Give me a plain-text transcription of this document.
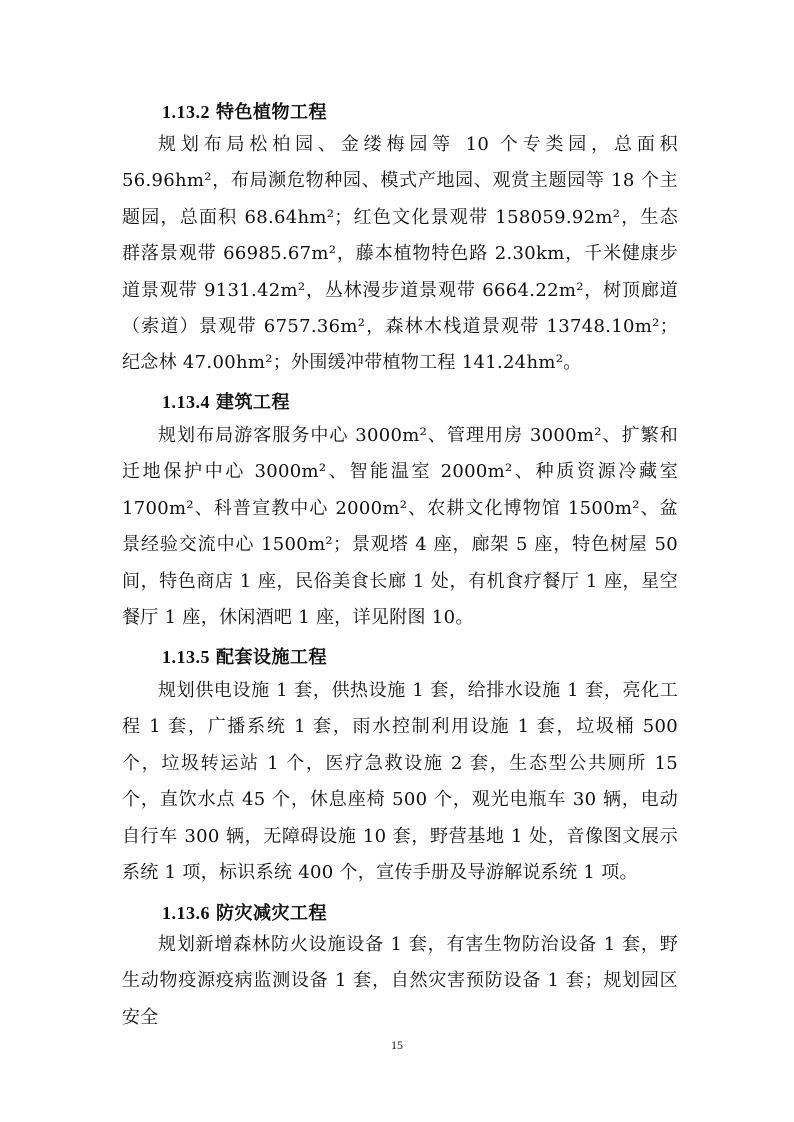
1.13.2 特色植物工程
规划布局松柏园、金缕梅园等 10 个专类园，总面积 56.96hm²，布局濒危物种园、模式产地园、观赏主题园等 18 个主题园，总面积 68.64hm²；红色文化景观带 158059.92m²，生态群落景观带 66985.67m²，藤本植物特色路 2.30km，千米健康步道景观带 9131.42m²，丛林漫步道景观带 6664.22m²，树顶廊道（索道）景观带 6757.36m²，森林木栈道景观带 13748.10m²；纪念林 47.00hm²；外围缓冲带植物工程 141.24hm²。
1.13.4 建筑工程
规划布局游客服务中心 3000m²、管理用房 3000m²、扩繁和迁地保护中心 3000m²、智能温室 2000m²、种质资源冷藏室 1700m²、科普宣教中心 2000m²、农耕文化博物馆 1500m²、盆景经验交流中心 1500m²；景观塔 4 座，廊架 5 座，特色树屋 50 间，特色商店 1 座，民俗美食长廊 1 处，有机食疗餐厅 1 座，星空餐厅 1 座，休闲酒吧 1 座，详见附图 10。
1.13.5 配套设施工程
规划供电设施 1 套，供热设施 1 套，给排水设施 1 套，亮化工程 1 套，广播系统 1 套，雨水控制利用设施 1 套，垃圾桶 500 个，垃圾转运站 1 个，医疗急救设施 2 套，生态型公共厕所 15 个，直饮水点 45 个，休息座椅 500 个，观光电瓶车 30 辆，电动自行车 300 辆，无障碍设施 10 套，野营基地 1 处，音像图文展示系统 1 项，标识系统 400 个，宣传手册及导游解说系统 1 项。
1.13.6 防灾减灾工程
规划新增森林防火设施设备 1 套，有害生物防治设备 1 套，野生动物疫源疫病监测设备 1 套，自然灾害预防设备 1 套；规划园区安全
15
